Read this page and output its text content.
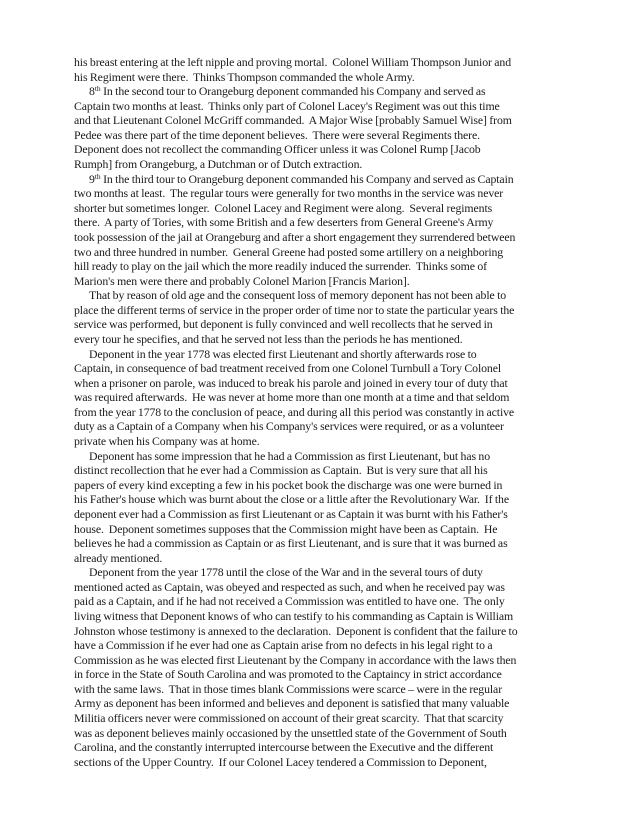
his breast entering at the left nipple and proving mortal.  Colonel William Thompson Junior and
his Regiment were there.  Thinks Thompson commanded the whole Army.
8th In the second tour to Orangeburg deponent commanded his Company and served as
Captain two months at least.  Thinks only part of Colonel Lacey's Regiment was out this time
and that Lieutenant Colonel McGriff commanded.  A Major Wise [probably Samuel Wise] from
Pedee was there part of the time deponent believes.  There were several Regiments there.
Deponent does not recollect the commanding Officer unless it was Colonel Rump [Jacob
Rumph] from Orangeburg, a Dutchman or of Dutch extraction.
9th In the third tour to Orangeburg deponent commanded his Company and served as Captain
two months at least.  The regular tours were generally for two months in the service was never
shorter but sometimes longer.  Colonel Lacey and Regiment were along.  Several regiments
there.  A party of Tories, with some British and a few deserters from General Greene's Army
took possession of the jail at Orangeburg and after a short engagement they surrendered between
two and three hundred in number.  General Greene had posted some artillery on a neighboring
hill ready to play on the jail which the more readily induced the surrender.  Thinks some of
Marion's men were there and probably Colonel Marion [Francis Marion].
That by reason of old age and the consequent loss of memory deponent has not been able to
place the different terms of service in the proper order of time nor to state the particular years the
service was performed, but deponent is fully convinced and well recollects that he served in
every tour he specifies, and that he served not less than the periods he has mentioned.
Deponent in the year 1778 was elected first Lieutenant and shortly afterwards rose to
Captain, in consequence of bad treatment received from one Colonel Turnbull a Tory Colonel
when a prisoner on parole, was induced to break his parole and joined in every tour of duty that
was required afterwards.  He was never at home more than one month at a time and that seldom
from the year 1778 to the conclusion of peace, and during all this period was constantly in active
duty as a Captain of a Company when his Company's services were required, or as a volunteer
private when his Company was at home.
Deponent has some impression that he had a Commission as first Lieutenant, but has no
distinct recollection that he ever had a Commission as Captain.  But is very sure that all his
papers of every kind excepting a few in his pocket book the discharge was one were burned in
his Father's house which was burnt about the close or a little after the Revolutionary War.  If the
deponent ever had a Commission as first Lieutenant or as Captain it was burnt with his Father's
house.  Deponent sometimes supposes that the Commission might have been as Captain.  He
believes he had a commission as Captain or as first Lieutenant, and is sure that it was burned as
already mentioned.
Deponent from the year 1778 until the close of the War and in the several tours of duty
mentioned acted as Captain, was obeyed and respected as such, and when he received pay was
paid as a Captain, and if he had not received a Commission was entitled to have one.  The only
living witness that Deponent knows of who can testify to his commanding as Captain is William
Johnston whose testimony is annexed to the declaration.  Deponent is confident that the failure to
have a Commission if he ever had one as Captain arise from no defects in his legal right to a
Commission as he was elected first Lieutenant by the Company in accordance with the laws then
in force in the State of South Carolina and was promoted to the Captaincy in strict accordance
with the same laws.  That in those times blank Commissions were scarce – were in the regular
Army as deponent has been informed and believes and deponent is satisfied that many valuable
Militia officers never were commissioned on account of their great scarcity.  That that scarcity
was as deponent believes mainly occasioned by the unsettled state of the Government of South
Carolina, and the constantly interrupted intercourse between the Executive and the different
sections of the Upper Country.  If our Colonel Lacey tendered a Commission to Deponent,
